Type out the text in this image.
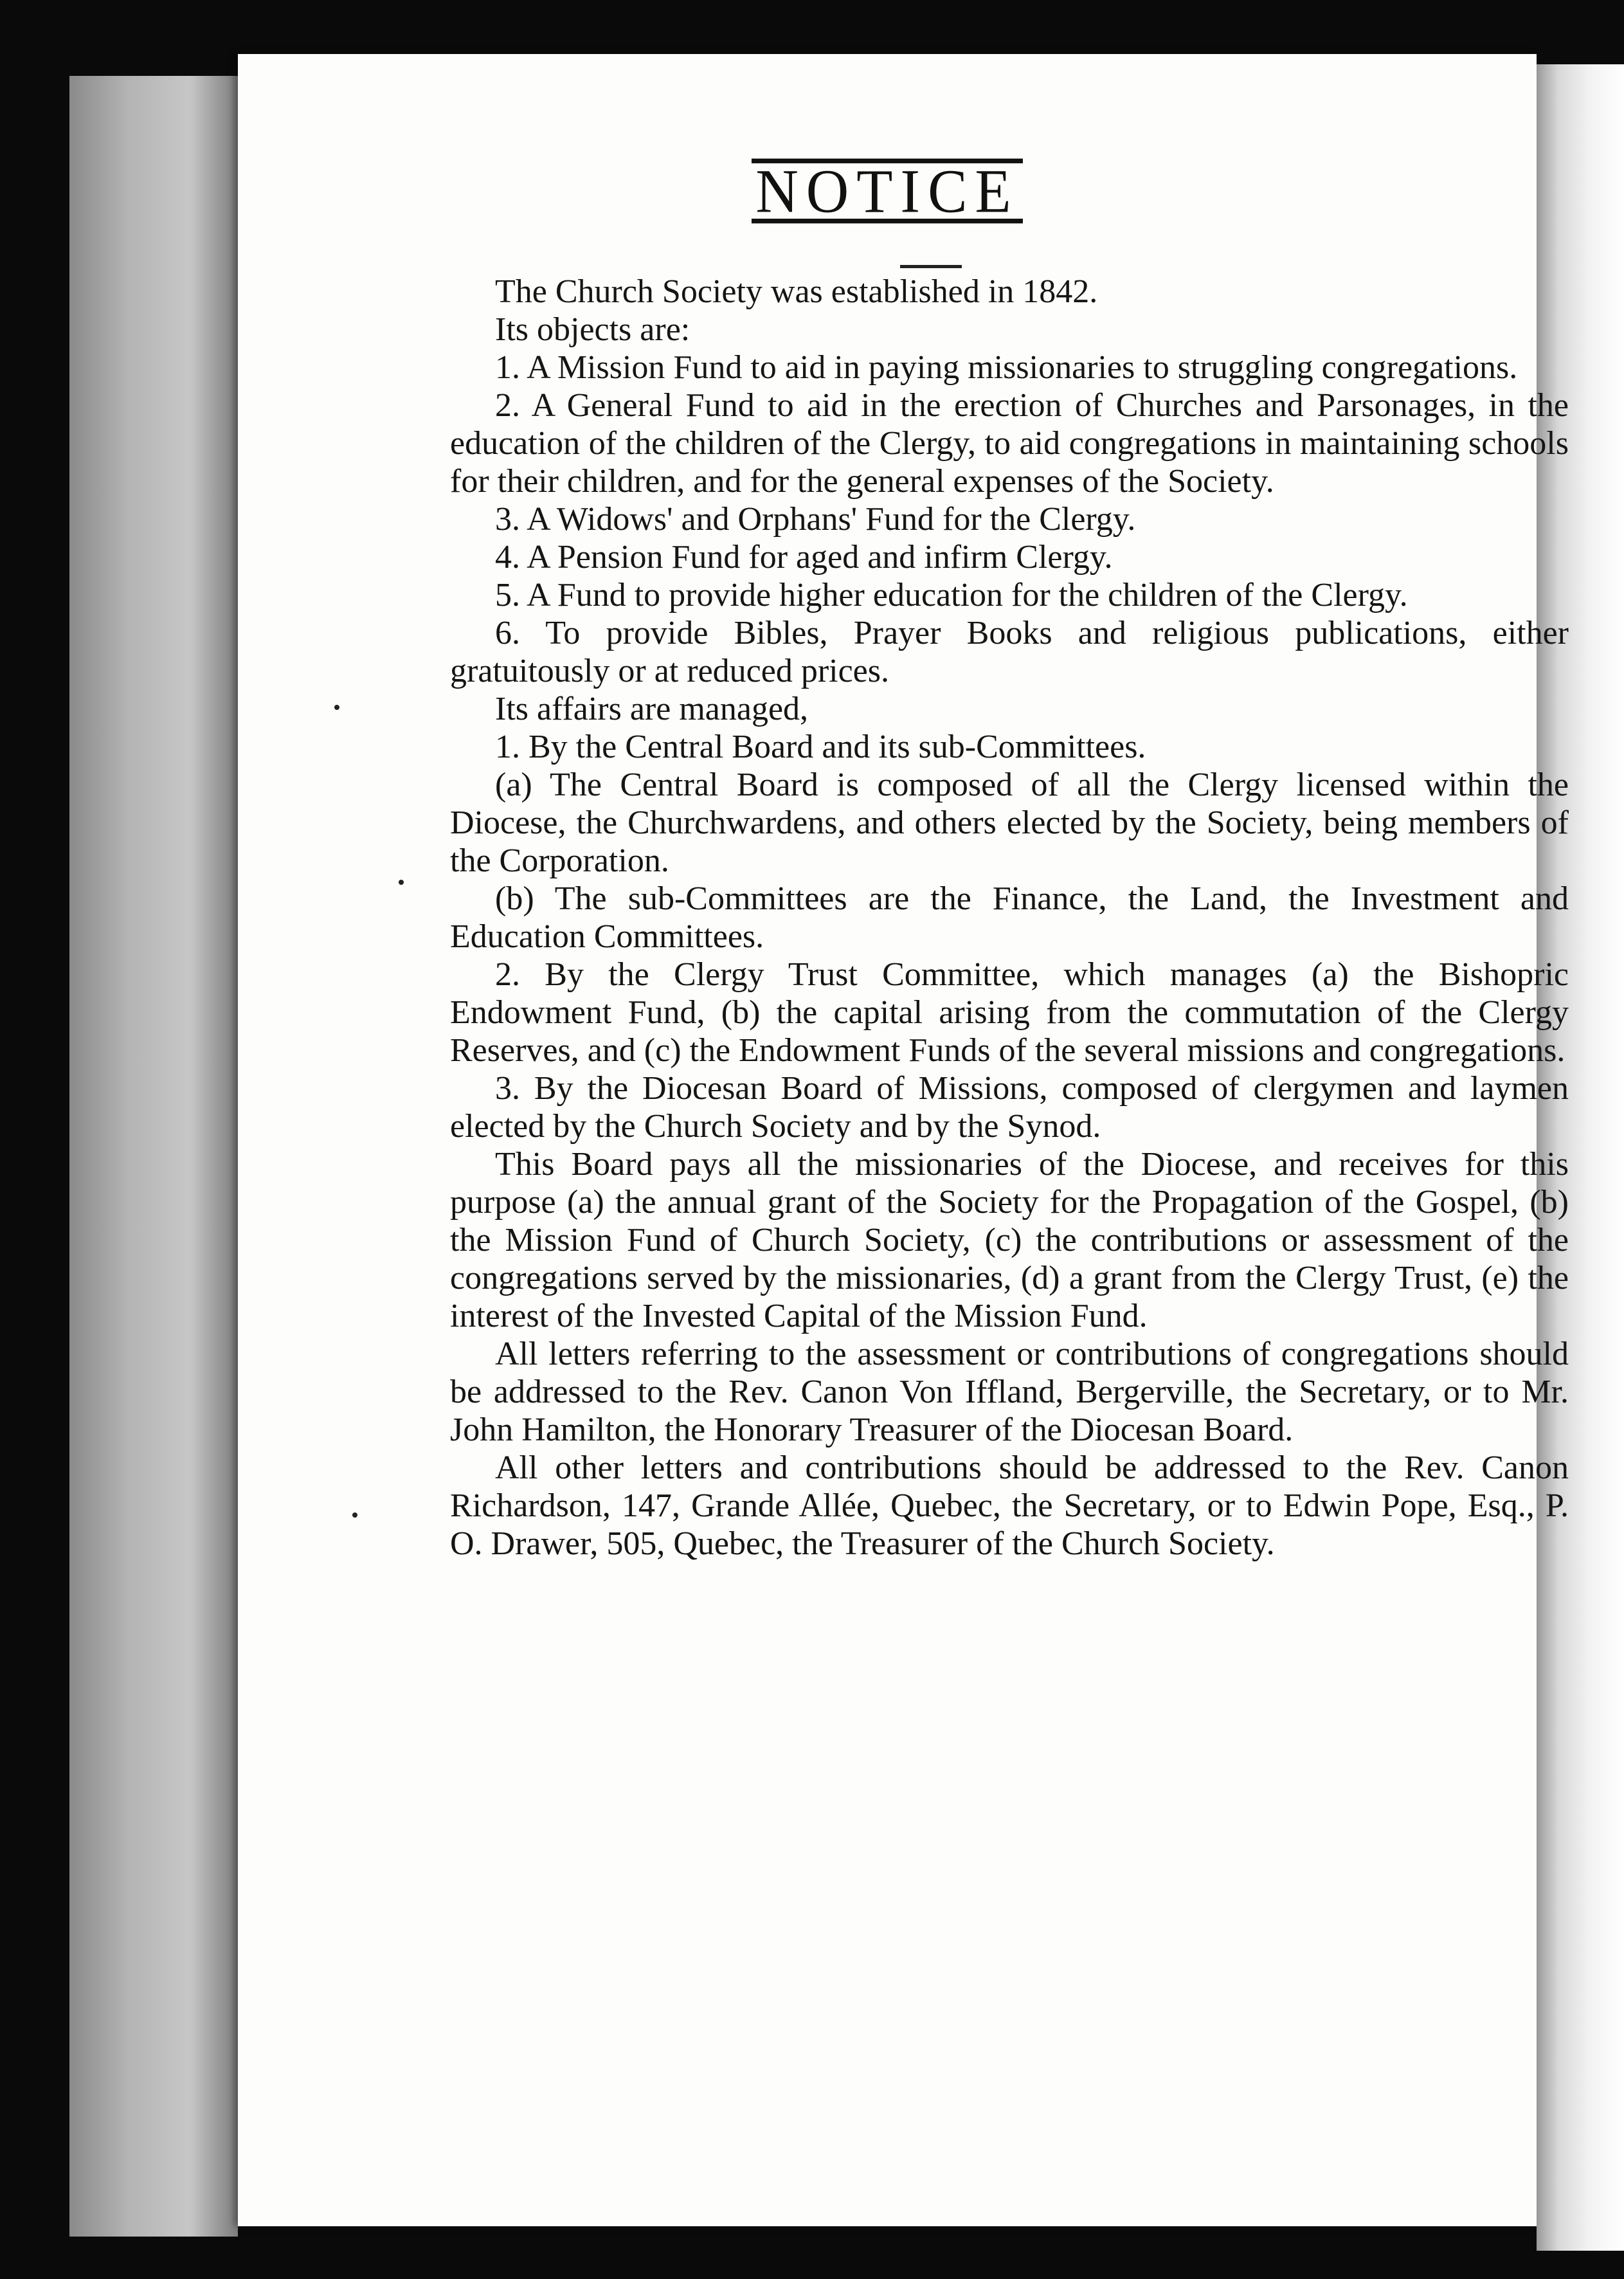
NOTICE

The Church Society was established in 1842.

Its objects are:

1. A Mission Fund to aid in paying missionaries to struggling congregations.

2. A General Fund to aid in the erection of Churches and Parsonages, in the education of the children of the Clergy, to aid congregations in maintaining schools for their children, and for the general expenses of the Society.

3. A Widows' and Orphans' Fund for the Clergy.

4. A Pension Fund for aged and infirm Clergy.

5. A Fund to provide higher education for the children of the Clergy.

6. To provide Bibles, Prayer Books and religious publications, either gratuitously or at reduced prices.

Its affairs are managed,

1. By the Central Board and its sub-Committees.

(a) The Central Board is composed of all the Clergy licensed within the Diocese, the Churchwardens, and others elected by the Society, being members of the Corporation.

(b) The sub-Committees are the Finance, the Land, the Investment and Education Committees.

2. By the Clergy Trust Committee, which manages (a) the Bishopric Endowment Fund, (b) the capital arising from the commutation of the Clergy Reserves, and (c) the Endowment Funds of the several missions and congregations.

3. By the Diocesan Board of Missions, composed of clergymen and laymen elected by the Church Society and by the Synod.

This Board pays all the missionaries of the Diocese, and receives for this purpose (a) the annual grant of the Society for the Propagation of the Gospel, (b) the Mission Fund of Church Society, (c) the contributions or assessment of the congregations served by the missionaries, (d) a grant from the Clergy Trust, (e) the interest of the Invested Capital of the Mission Fund.

All letters referring to the assessment or contributions of congregations should be addressed to the Rev. Canon Von Iffland, Bergerville, the Secretary, or to Mr. John Hamilton, the Honorary Treasurer of the Diocesan Board.

All other letters and contributions should be addressed to the Rev. Canon Richardson, 147, Grande Allée, Quebec, the Secretary, or to Edwin Pope, Esq., P. O. Drawer, 505, Quebec, the Treasurer of the Church Society.
